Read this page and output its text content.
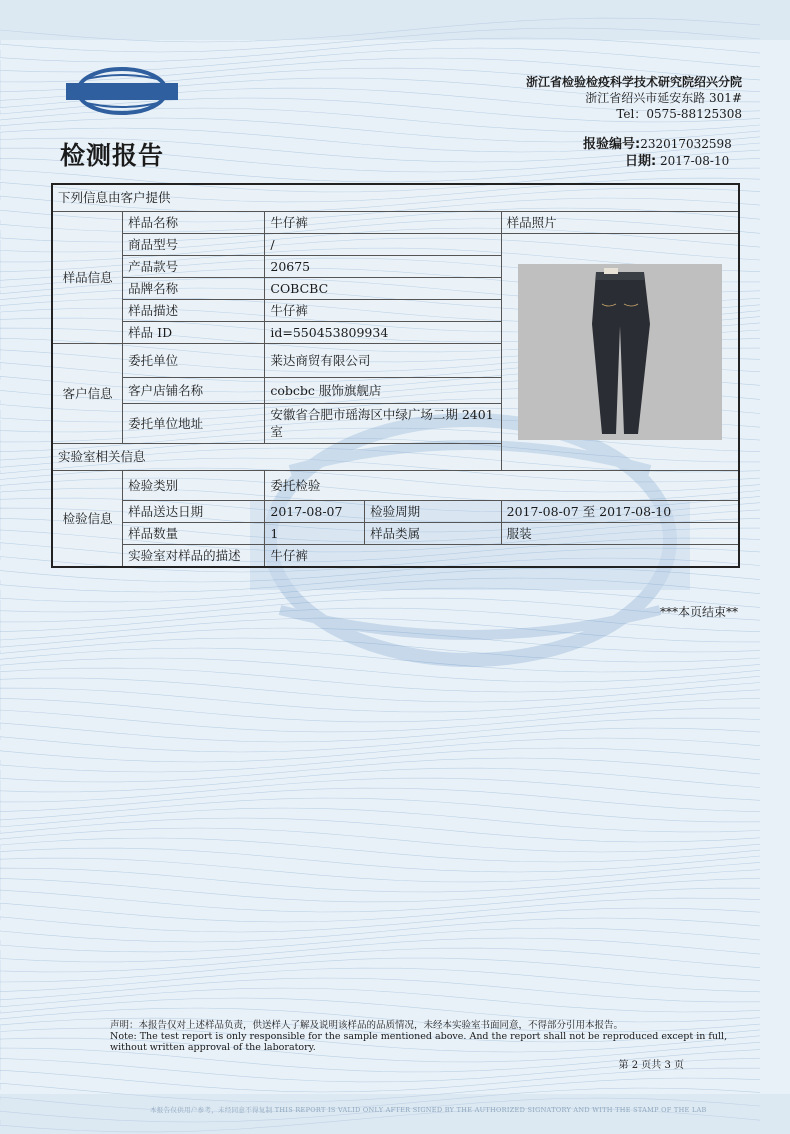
浙江省检验检疫科学技术研究院绍兴分院
浙江省绍兴市延安东路 301#
Tel：0575-88125308
检测报告	报验编号:232017032598
日期: 2017-08-10
下列信息由客户提供				
样品信息	样品名称	牛仔裤		样品照片
	商品型号	/	

	产品款号	20675		
	品牌名称	COBCBC		
	样品描述	牛仔裤		
	样品 ID	id=550453809934		
客户信息	委托单位	莱达商贸有限公司		
	客户店铺名称	cobcbc 服饰旗舰店		
	委托单位地址	安徽省合肥市瑶海区中绿广场二期 2401 室		
实验室相关信息				
检验信息	检验类别	委托检验		
	样品送达日期	2017-08-07	检验周期	2017-08-07 至 2017-08-10
	样品数量	1	样品类属	服装
	实验室对样品的描述	牛仔裤		
***本页结束**
声明：本报告仅对上述样品负责，供送样人了解及说明该样品的品质情况，未经本实验室书面同意，不得部分引用本报告。
Note: The test report is only responsible for the sample mentioned above. And the report shall not be reproduced except in full, without written approval of the laboratory.
第 2 页共 3 页
本报告仅供用户参考，未经同意不得复制 THIS REPORT IS VALID ONLY AFTER SIGNED BY THE AUTHORIZED SIGNATORY AND WITH THE STAMP OF THE LAB
